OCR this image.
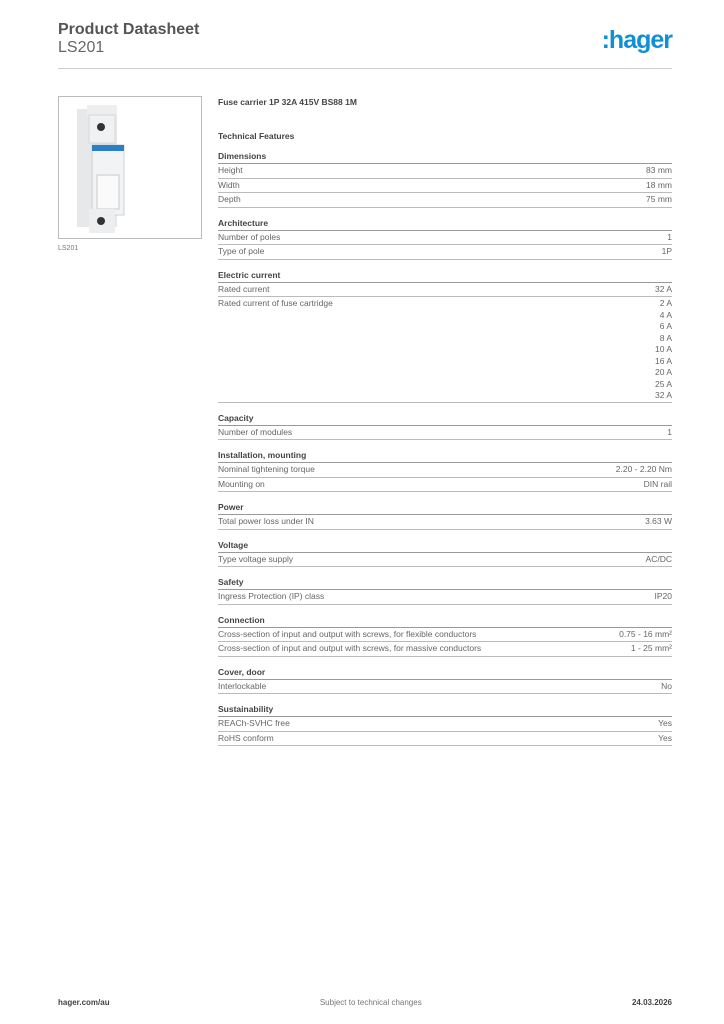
Product Datasheet
LS201	:hager
LS201
Fuse carrier 1P 32A 415V BS88 1M
Technical Features
Dimensions
Height	83 mm
Width	18 mm
Depth	75 mm
Architecture
Number of poles	1
Type of pole	1P
Electric current
Rated current	32 A
Rated current of fuse cartridge	2 A
4 A
6 A
8 A
10 A
16 A
20 A
25 A
32 A
Capacity
Number of modules	1
Installation, mounting
Nominal tightening torque	2.20 - 2.20 Nm
Mounting on	DIN rail
Power
Total power loss under IN	3.63 W
Voltage
Type voltage supply	AC/DC
Safety
Ingress Protection (IP) class	IP20
Connection
Cross-section of input and output with screws, for flexible conductors	0.75 - 16 mm²
Cross-section of input and output with screws, for massive conductors	1 - 25 mm²
Cover, door
Interlockable	No
Sustainability
REACh-SVHC free	Yes
RoHS conform	Yes
hager.com/au	Subject to technical changes	24.03.2026
